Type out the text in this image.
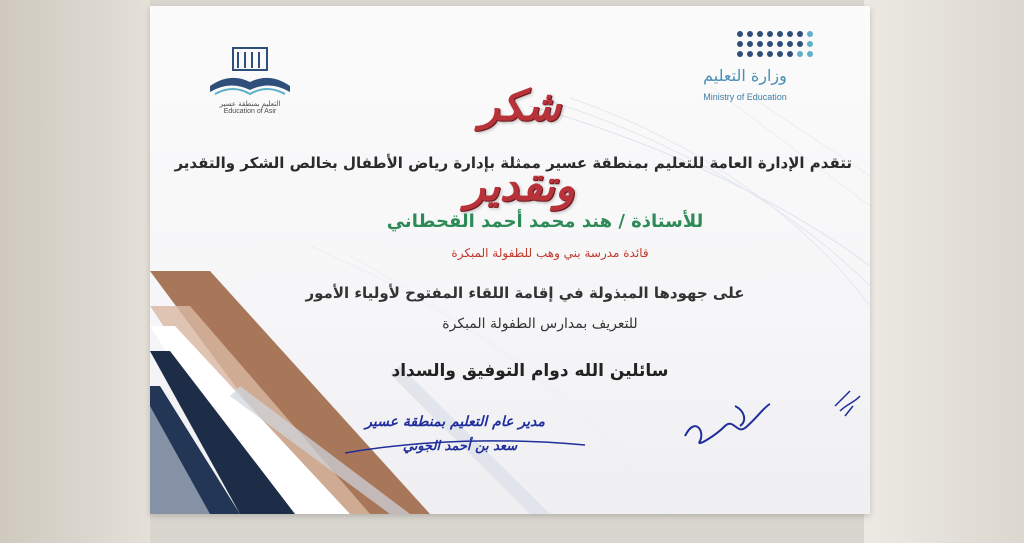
وزارة التعليم
Ministry of Education
التعليم بمنطقة عسير
Education of Asir	شكر وتقدير
تتقدم الإدارة العامة للتعليم بمنطقة عسير ممثلة بإدارة رياض الأطفال بخالص الشكر والتقدير
للأستاذة / هند محمد أحمد القحطاني
قائدة مدرسة بني وهب للطفولة المبكرة
على جهودها المبذولة في إقامة اللقاء المفتوح لأولياء الأمور
للتعريف بمدارس الطفولة المبكرة
سائلين الله دوام التوفيق والسداد
مدير عام التعليم بمنطقة عسير
سعد بن أحمد الجوني
